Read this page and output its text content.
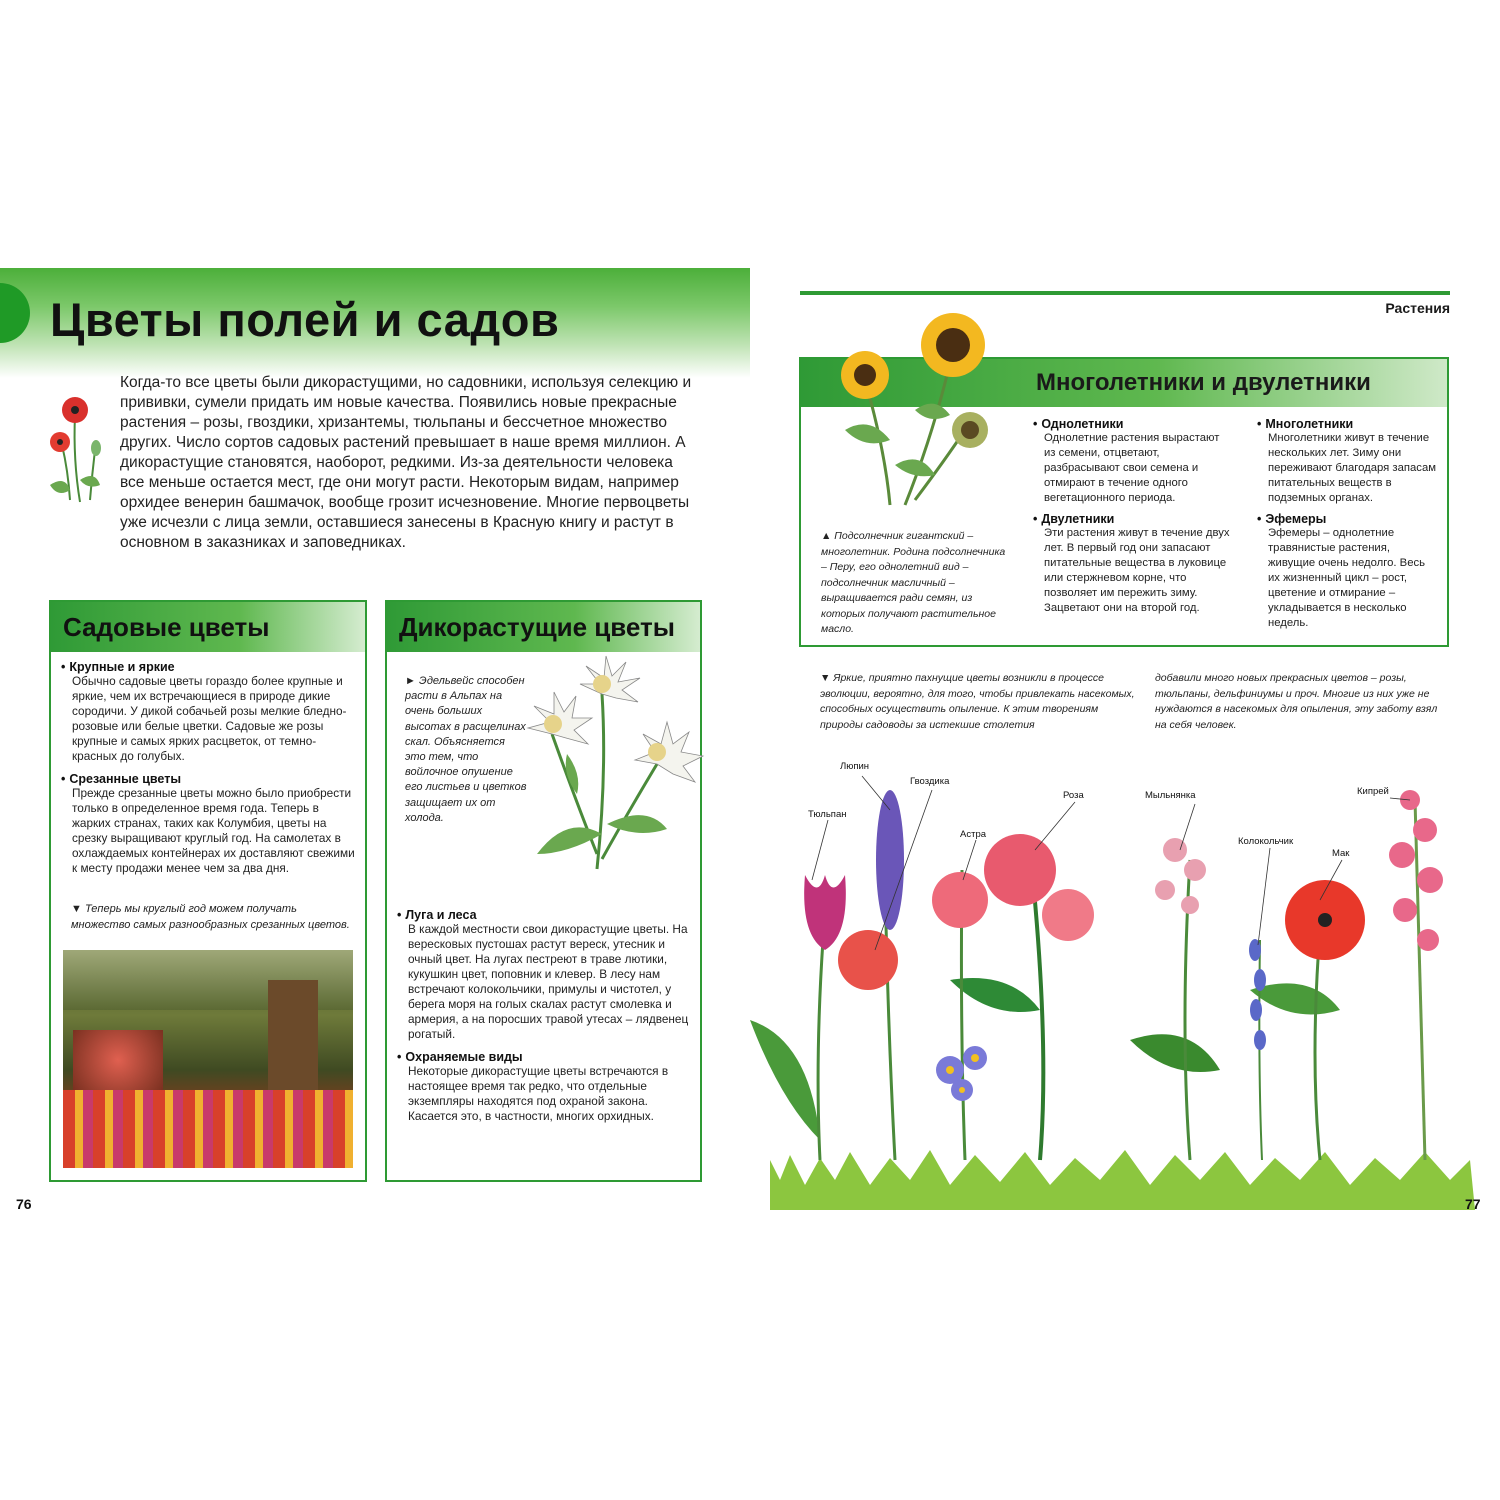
Цветы полей и садов
Когда-то все цветы были дикорастущими, но садовники, используя селекцию и прививки, сумели придать им новые качества. Появились новые прекрасные растения – розы, гвоздики, хризантемы, тюльпаны и бессчетное множество других. Число сортов садовых растений превышает в наше время миллион. А дикорастущие становятся, наоборот, редкими. Из-за деятельности человека все меньше остается мест, где они могут расти. Некоторым видам, например орхидее венерин башмачок, вообще грозит исчезновение. Многие первоцветы уже исчезли с лица земли, оставшиеся занесены в Красную книгу и растут в основном в заказниках и заповедниках.
Садовые цветы
• Крупные и яркие
Обычно садовые цветы гораздо более крупные и яркие, чем их встречающиеся в природе дикие сородичи. У дикой собачьей розы мелкие бледно-розовые или белые цветки. Садовые же розы крупные и самых ярких расцветок, от темно-красных до голубых.
• Срезанные цветы
Прежде срезанные цветы можно было приобрести только в определенное время года. Теперь в жарких странах, таких как Колумбия, цветы на срезку выращивают круглый год. На самолетах в охлаждаемых контейнерах их доставляют свежими к месту продажи менее чем за два дня.
▼ Теперь мы круглый год можем получать множество самых разнообразных срезанных цветов.
Дикорастущие цветы
► Эдельвейс способен расти в Альпах на очень больших высотах в расщелинах скал. Объясняется это тем, что войлочное опушение его листьев и цветков защищает их от холода.
• Луга и леса
В каждой местности свои дикорастущие цветы. На вересковых пустошах растут вереск, утесник и очный цвет. На лугах пестреют в траве лютики, кукушкин цвет, поповник и клевер. В лесу нам встречают колокольчики, примулы и чистотел, у берега моря на голых скалах растут смолевка и армерия, а на поросших травой утесах – лядвенец рогатый.
• Охраняемые виды
Некоторые дикорастущие цветы встречаются в настоящее время так редко, что отдельные экземпляры находятся под охраной закона. Касается это, в частности, многих орхидных.
76
Растения
Многолетники и двулетники
▲ Подсолнечник гигантский – многолетник. Родина подсолнечника – Перу, его однолетний вид – подсолнечник масличный – выращивается ради семян, из которых получают растительное масло.
• Однолетники
Однолетние растения вырастают из семени, отцветают, разбрасывают свои семена и отмирают в течение одного вегетационного периода.
• Двулетники
Эти растения живут в течение двух лет. В первый год они запасают питательные вещества в луковице или стержневом корне, что позволяет им пережить зиму. Зацветают они на второй год.
• Многолетники
Многолетники живут в течение нескольких лет. Зиму они переживают благодаря запасам питательных веществ в подземных органах.
• Эфемеры
Эфемеры – однолетние травянистые растения, живущие очень недолго. Весь их жизненный цикл – рост, цветение и отмирание – укладывается в несколько недель.
▼ Яркие, приятно пахнущие цветы возникли в процессе эволюции, вероятно, для того, чтобы привлекать насекомых, способных осуществить опыление. К этим творениям природы садоводы за истекшие столетия
добавили много новых прекрасных цветов – розы, тюльпаны, дельфиниумы и проч. Многие из них уже не нуждаются в насекомых для опыления, эту заботу взял на себя человек.
Тюльпан
Люпин
Гвоздика
Астра
Роза	Мыльнянка
Колокольчик
Мак
Кипрей
77
